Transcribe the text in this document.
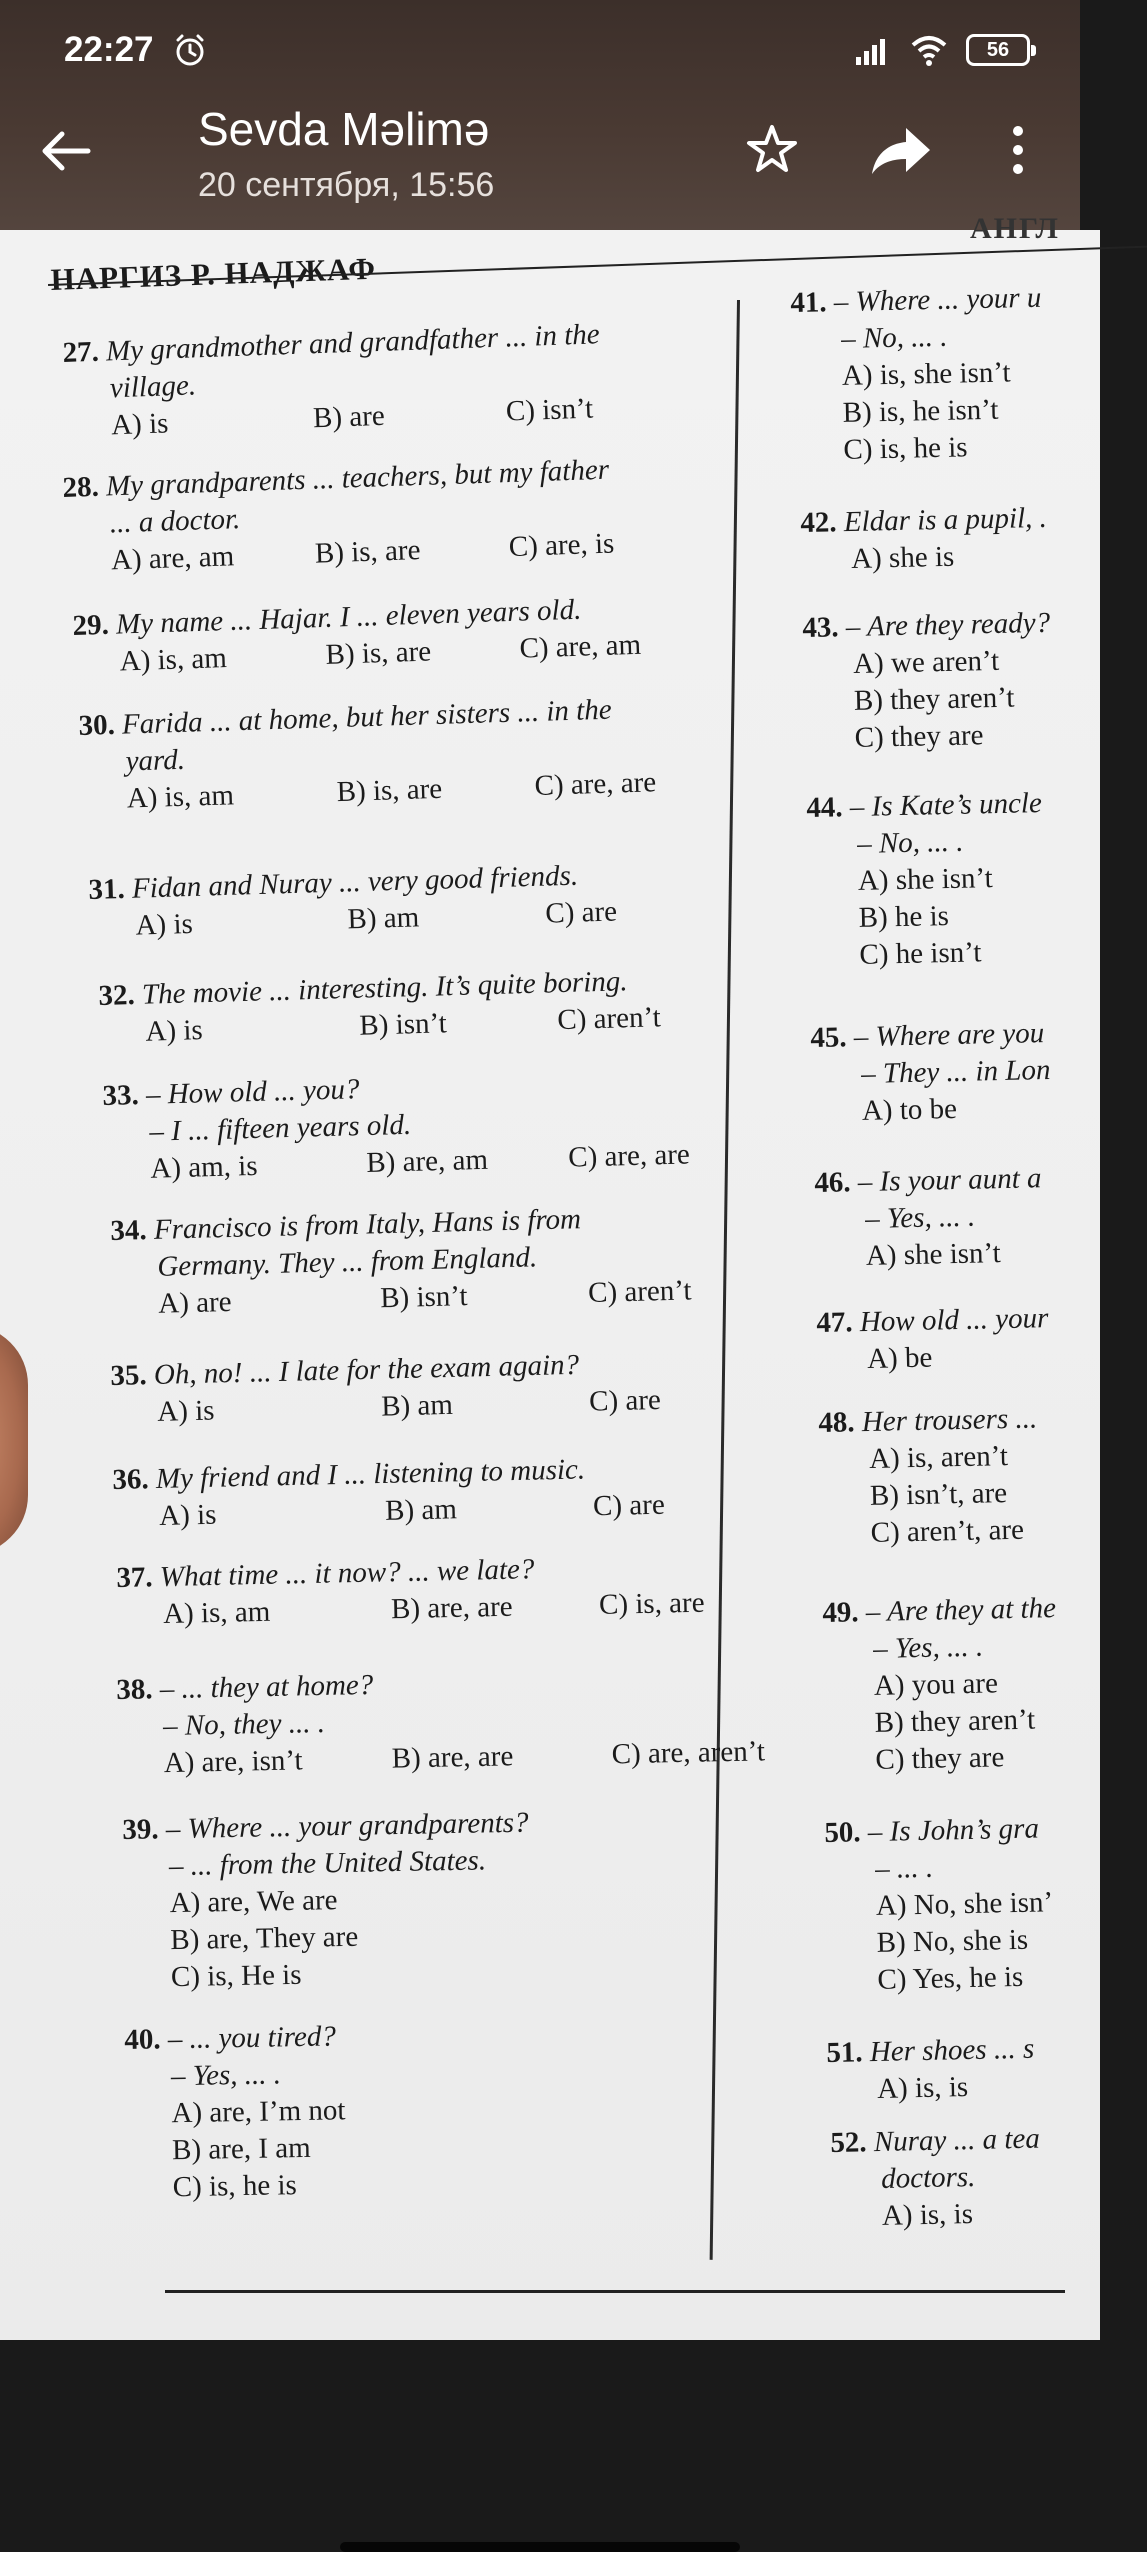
22:27	56
Sevda Məlimə
20 сентября, 15:56
АНГЛ
НАРГИЗ Р. НАДЖАФ
27. My grandmother and grandfather ... in the
village.
A) is	B) are	C) isn’t
28. My grandparents ... teachers, but my father
... a doctor.
A) are, am	B) is, are	C) are, is
29. My name ... Hajar. I ... eleven years old.
A) is, am	B) is, are	C) are, am
30. Farida ... at home, but her sisters ... in the
yard.
A) is, am	B) is, are	C) are, are
31. Fidan and Nuray ... very good friends.
A) is	B) am	C) are
32. The movie ... interesting. It’s quite boring.
A) is	B) isn’t	C) aren’t
33. – How old ... you?
– I ... fifteen years old.
A) am, is	B) are, am	C) are, are
34. Francisco is from Italy, Hans is from
Germany. They ... from England.
A) are	B) isn’t	C) aren’t
35. Oh, no! ... I late for the exam again?
A) is	B) am	C) are
36. My friend and I ... listening to music.
A) is	B) am	C) are
37. What time ... it now? ... we late?
A) is, am	B) are, are	C) is, are
38. – ... they at home?
– No, they ... .
A) are, isn’t	B) are, are	C) are, aren’t
39. – Where ... your grandparents?
– ... from the United States.
A) are, We are
B) are, They are
C) is, He is
40. – ... you tired?
– Yes, ... .
A) are, I’m not
B) are, I am
C) is, he is
41. – Where ... your u
– No, ... .
A) is, she isn’t
B) is, he isn’t
C) is, he is
42. Eldar is a pupil, .
A) she is
43. – Are they ready?
A) we aren’t
B) they aren’t
C) they are
44. – Is Kate’s uncle
– No, ... .
A) she isn’t
B) he is
C) he isn’t
45. – Where are you
– They ... in Lon
A) to be
46. – Is your aunt a
– Yes, ... .
A) she isn’t
47. How old ... your
A) be
48. Her trousers ...
A) is, aren’t
B) isn’t, are
C) aren’t, are
49. – Are they at the
– Yes, ... .
A) you are
B) they aren’t
C) they are
50. – Is John’s gra
– ... .
A) No, she isn’
B) No, she is
C) Yes, he is
51. Her shoes ... s
A) is, is
52. Nuray ... a tea
doctors.
A) is, is
